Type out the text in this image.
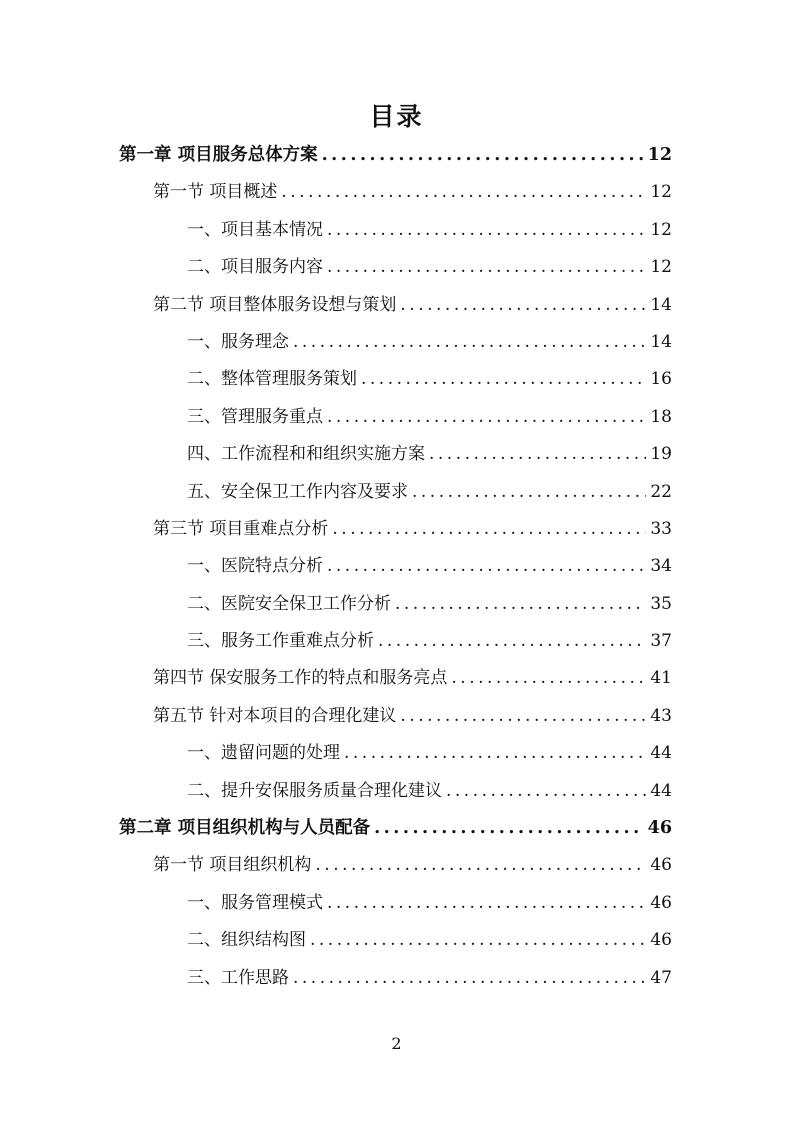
目录
第一章 项目服务总体方案 .....	12
第一节 项目概述 .....	12
一、项目基本情况 .....	12
二、项目服务内容 .....	12
第二节 项目整体服务设想与策划 .....	14
一、服务理念 .....	14
二、整体管理服务策划 .....	16
三、管理服务重点 .....	18
四、工作流程和和组织实施方案 .....	19
五、安全保卫工作内容及要求 .....	22
第三节 项目重难点分析 .....	33
一、医院特点分析 .....	34
二、医院安全保卫工作分析 .....	35
三、服务工作重难点分析 .....	37
第四节 保安服务工作的特点和服务亮点 .....	41
第五节 针对本项目的合理化建议 .....	43
一、遗留问题的处理 .....	44
二、提升安保服务质量合理化建议 .....	44
第二章 项目组织机构与人员配备 .....	46
第一节 项目组织机构 .....	46
一、服务管理模式 .....	46
二、组织结构图 .....	46
三、工作思路 .....	47
2
